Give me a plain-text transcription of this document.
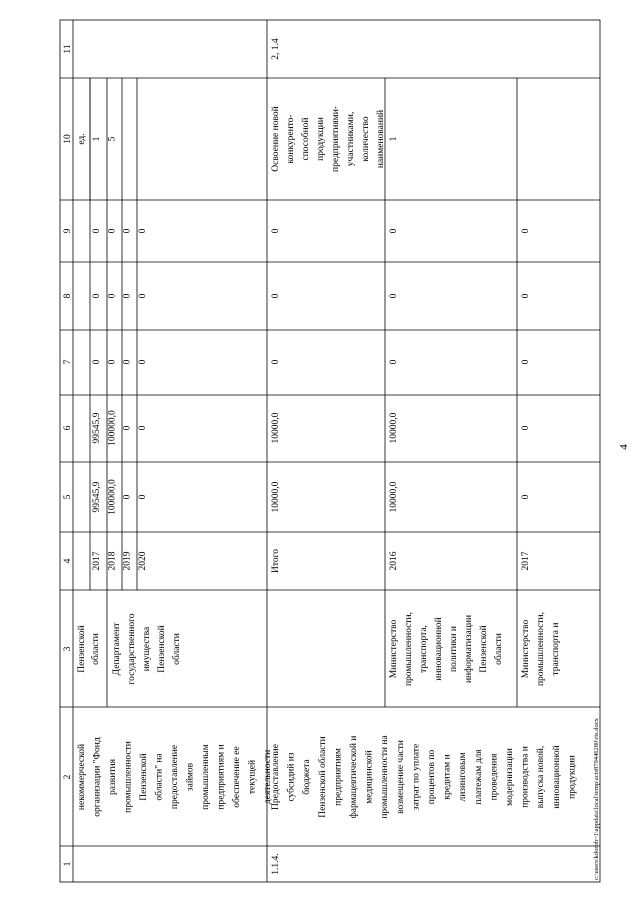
4
c:\users\kdoroh~1\appdata\local\temp\acts879446280\ris.docx
1
2
3
4
5
6
7
8
9
10
11
некоммерческой организации "Фонд развития промышленности Пензенской области" на предоставление займов промышленным предприятиям и обеспечение ее текущей деятельности
Пензенской области Департамент государственного имущества Пензенской области
ед.
2017
99545,9
99545,9
0
0
0
1
2018
100000,0
100000,0
0
0
0
5
2019
0
0
0
0
0
2020
0
0
0
0
0
1.1.4.
Предоставление субсидий из бюджета Пензенской области предприятиям фармацевтической и медицинской промышленности на возмещение части затрат по уплате процентов по кредитам и лизинговым платежам для проведения модернизации производства и выпуска новой, инновационной продукции
Итого
10000,0
10000,0
0
0
0
Освоение новой конкуренто- способной продукции предприятиями- участниками, количество наименований
2, 1.4
Министерство промышленности, транспорта, инновационной политики и информатизации Пензенской области
2016
10000,0
10000,0
0
0
0
1
Министерство промышленности, транспорта и
2017
0
0
0
0
0
